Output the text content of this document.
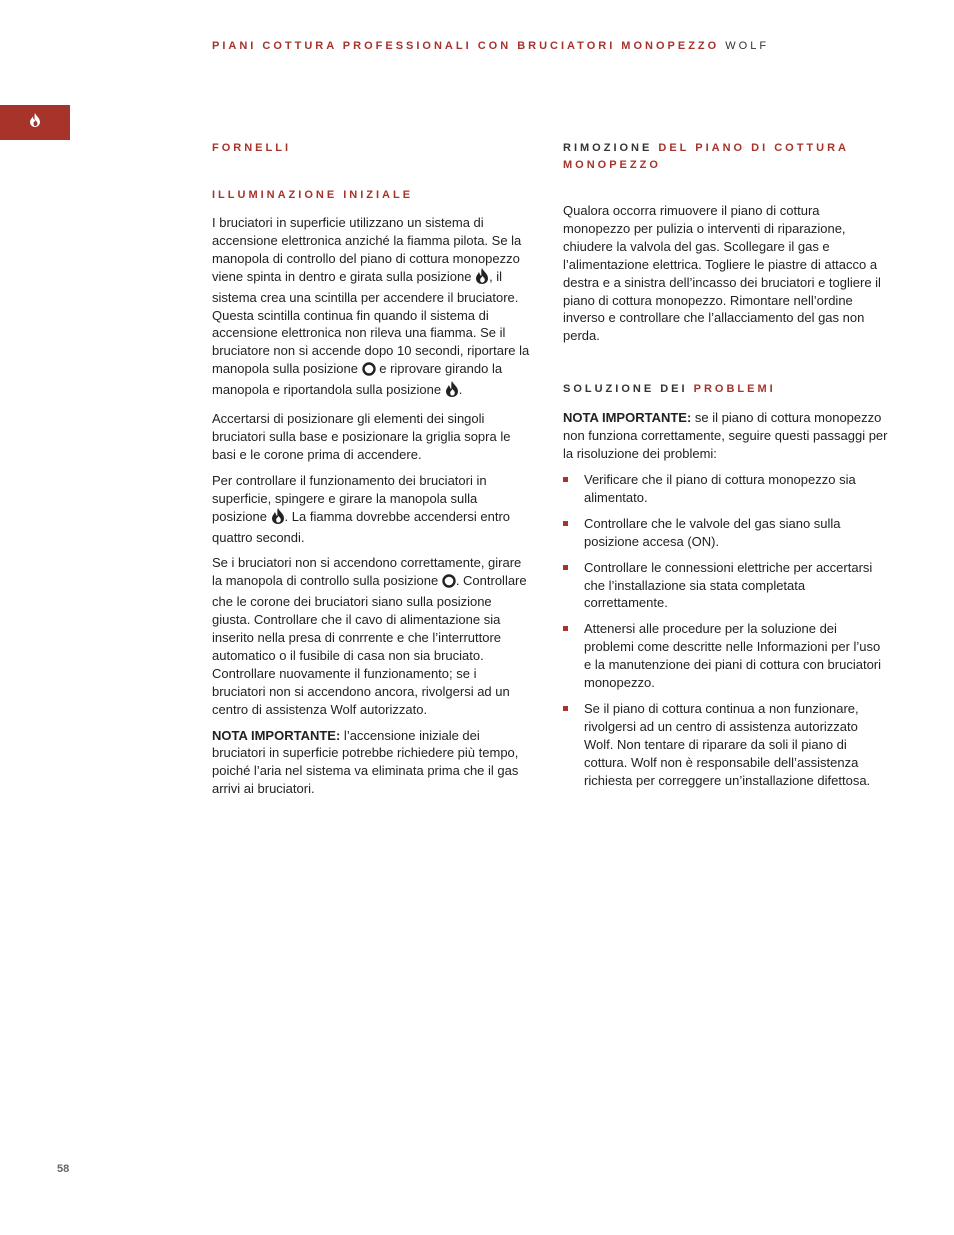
PIANI COTTURA PROFESSIONALI CON BRUCIATORI MONOPEZZO WOLF
FORNELLI
ILLUMINAZIONE INIZIALE

I bruciatori in superficie utilizzano un sistema di accensione elettronica anziché la fiamma pilota. Se la manopola di controllo del piano di cottura monopezzo viene spinta in dentro e girata sulla posizione , il sistema crea una scintilla per accendere il bruciatore. Questa scintilla continua fin quando il sistema di accensione elettronica non rileva una fiamma. Se il bruciatore non si accende dopo 10 secondi, riportare la manopola sulla posizione  e riprovare girando la manopola e riportandola sulla posizione .

Accertarsi di posizionare gli elementi dei singoli bruciatori sulla base e posizionare la griglia sopra le basi e le corone prima di accendere.

Per controllare il funzionamento dei bruciatori in superficie, spingere e girare la manopola sulla posizione . La fiamma dovrebbe accendersi entro quattro secondi.

Se i bruciatori non si accendono correttamente, girare la manopola di controllo sulla posizione . Controllare che le corone dei bruciatori siano sulla posizione giusta. Controllare che il cavo di alimentazione sia inserito nella presa di conrrente e che l’interruttore automatico o il fusibile di casa non sia bruciato. Controllare nuovamente il funzionamento; se i bruciatori non si accendono ancora, rivolgersi ad un centro di assistenza Wolf autorizzato.

NOTA IMPORTANTE: l’accensione iniziale dei bruciatori in superficie potrebbe richiedere più tempo, poiché l’aria nel sistema va eliminata prima che il gas arrivi ai bruciatori.

RIMOZIONE DEL PIANO DI COTTURA MONOPEZZO

Qualora occorra rimuovere il piano di cottura monopezzo per pulizia o interventi di riparazione, chiudere la valvola del gas. Scollegare il gas e l’alimentazione elettrica. Togliere le piastre di attacco a destra e a sinistra dell’incasso dei bruciatori e togliere il piano di cottura monopezzo. Rimontare nell’ordine inverso e controllare che l’allacciamento del gas non perda.

SOLUZIONE DEI PROBLEMI

NOTA IMPORTANTE: se il piano di cottura monopezzo non funziona correttamente, seguire questi passaggi per la risoluzione dei problemi:

Verificare che il piano di cottura monopezzo sia alimentato.
Controllare che le valvole del gas siano sulla posizione accesa (ON).
Controllare le connessioni elettriche per accertarsi che l’installazione sia stata completata correttamente.
Attenersi alle procedure per la soluzione dei problemi come descritte nelle Informazioni per l’uso e la manutenzione dei piani di cottura con bruciatori monopezzo.
Se il piano di cottura continua a non funzionare, rivolgersi ad un centro di assistenza autorizzato Wolf. Non tentare di riparare da soli il piano di cottura. Wolf non è responsabile dell’assistenza richiesta per correggere un’installazione difettosa.
58
